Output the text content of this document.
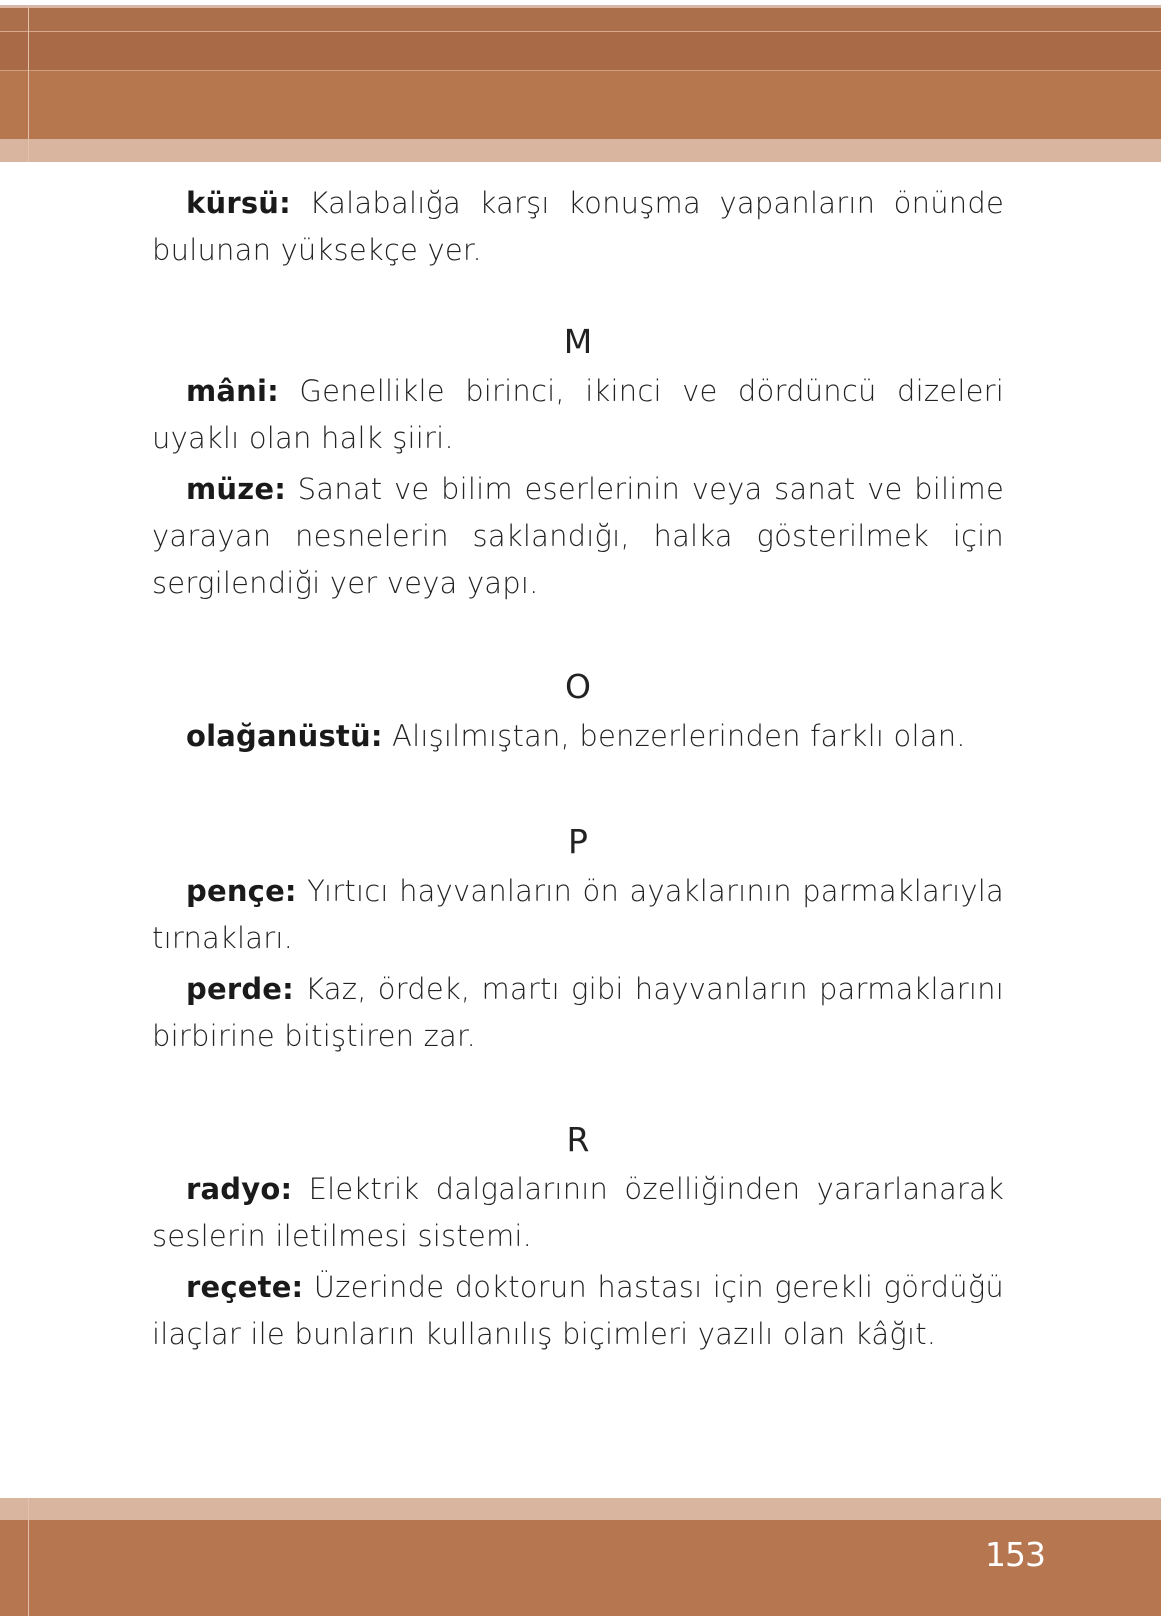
kürsü: Kalabalığa karşı konuşma yapanların önünde bulunan yüksekçe yer.

M

mâni: Genellikle birinci, ikinci ve dördüncü dizeleri uyaklı olan halk şiiri.

müze: Sanat ve bilim eserlerinin veya sanat ve bilime yarayan nesnelerin saklandığı, halka gösterilmek için sergilendiği yer veya yapı.

O

olağanüstü: Alışılmıştan, benzerlerinden farklı olan.

P

pençe: Yırtıcı hayvanların ön ayaklarının parmaklarıyla tırnakları.

perde: Kaz, ördek, martı gibi hayvanların parmaklarını birbirine bitiştiren zar.

R

radyo: Elektrik dalgalarının özelliğinden yararlanarak seslerin iletilmesi sistemi.

reçete: Üzerinde doktorun hastası için gerekli gördüğü ilaçlar ile bunların kullanılış biçimleri yazılı olan kâğıt.

153
